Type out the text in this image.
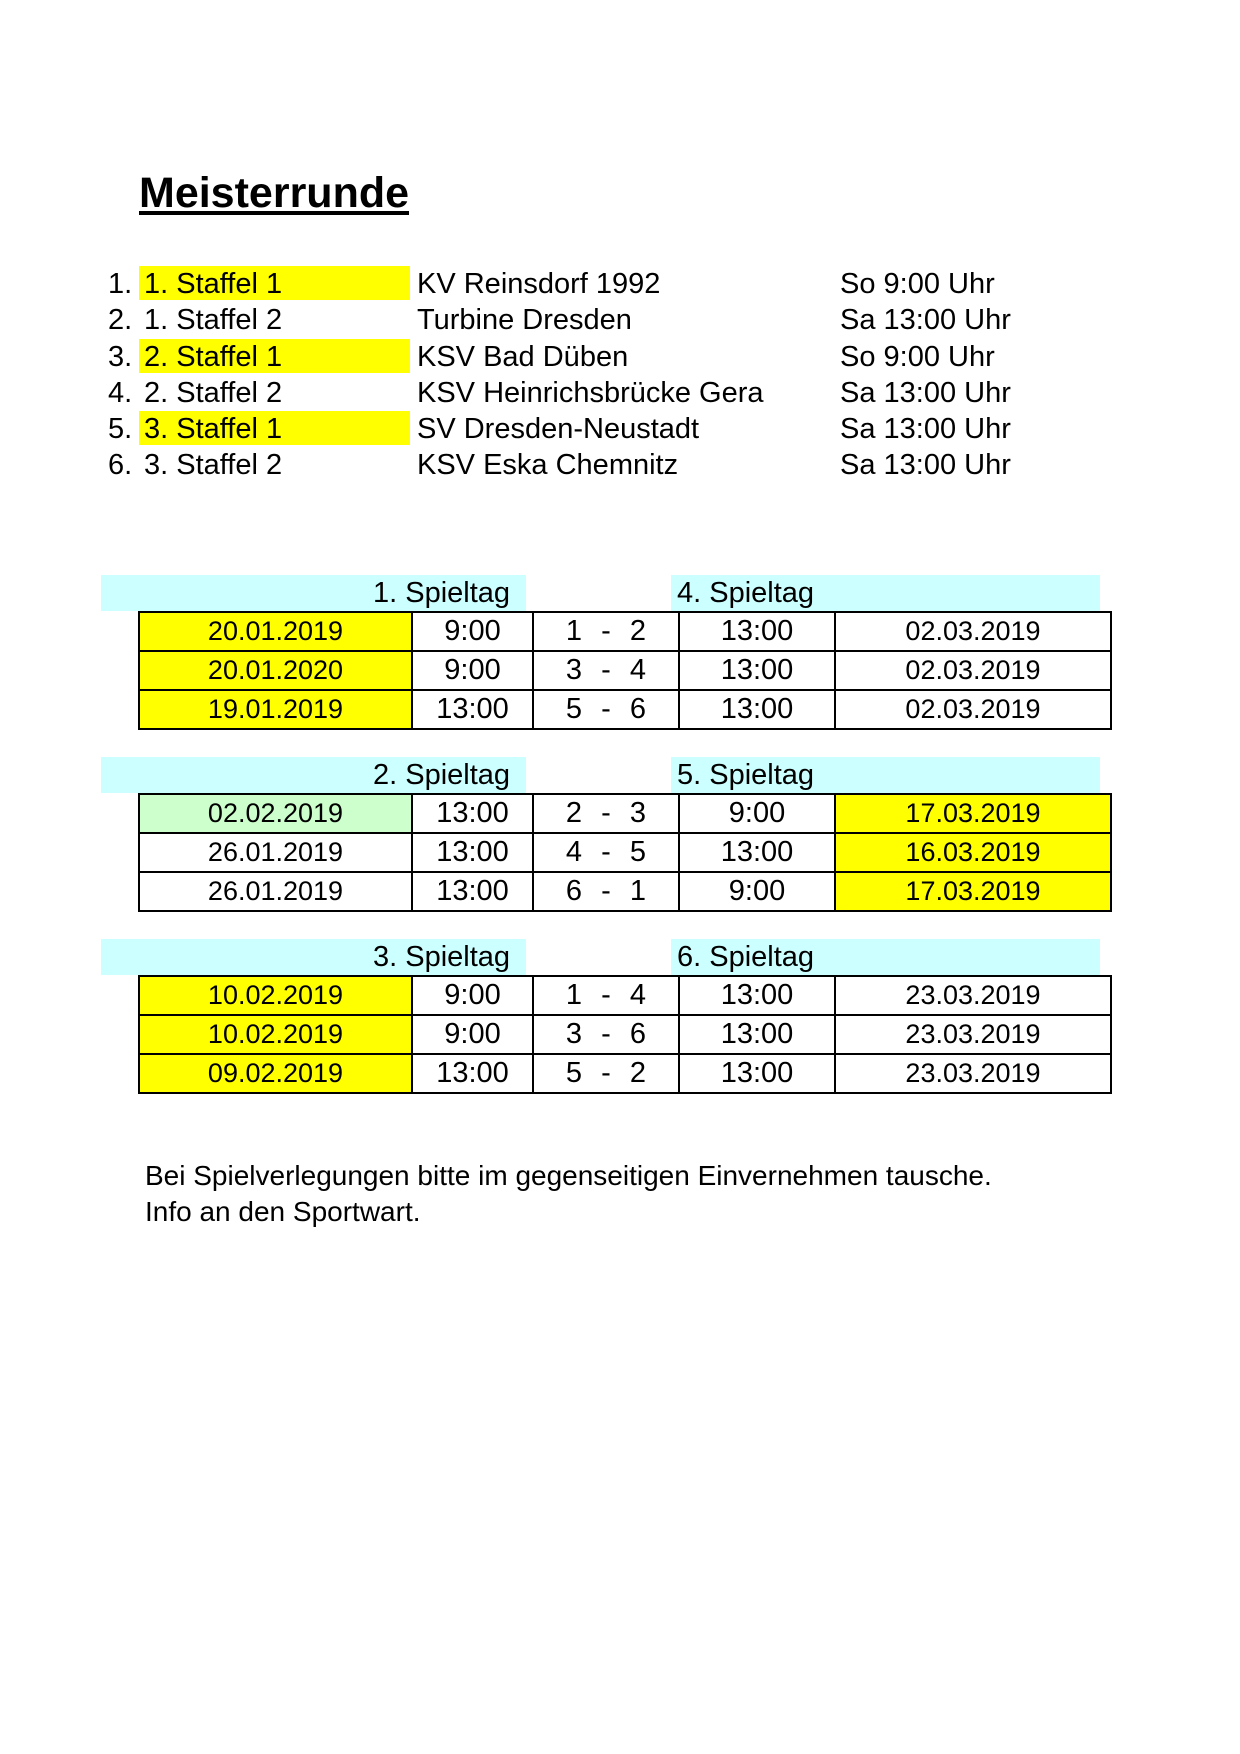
Meisterrunde
1. 1. Staffel 1	KV Reinsdorf 1992	So 9:00 Uhr
2. 1. Staffel 2	Turbine Dresden	Sa 13:00 Uhr
3. 2. Staffel 1	KSV Bad Düben	So 9:00 Uhr
4. 2. Staffel 2	KSV Heinrichsbrücke Gera	Sa 13:00 Uhr
5. 3. Staffel 1	SV Dresden-Neustadt	Sa 13:00 Uhr
6. 3. Staffel 2	KSV Eska Chemnitz	Sa 13:00 Uhr
1. Spieltag	4. Spieltag
20.01.2019	9:00	1 - 2	13:00	02.03.2019
20.01.2020	9:00	3 - 4	13:00	02.03.2019
19.01.2019	13:00	5 - 6	13:00	02.03.2019
2. Spieltag	5. Spieltag
02.02.2019	13:00	2 - 3	9:00	17.03.2019
26.01.2019	13:00	4 - 5	13:00	16.03.2019
26.01.2019	13:00	6 - 1	9:00	17.03.2019
3. Spieltag	6. Spieltag
10.02.2019	9:00	1 - 4	13:00	23.03.2019
10.02.2019	9:00	3 - 6	13:00	23.03.2019
09.02.2019	13:00	5 - 2	13:00	23.03.2019
Bei Spielverlegungen bitte im gegenseitigen Einvernehmen tausche.
Info an den Sportwart.
